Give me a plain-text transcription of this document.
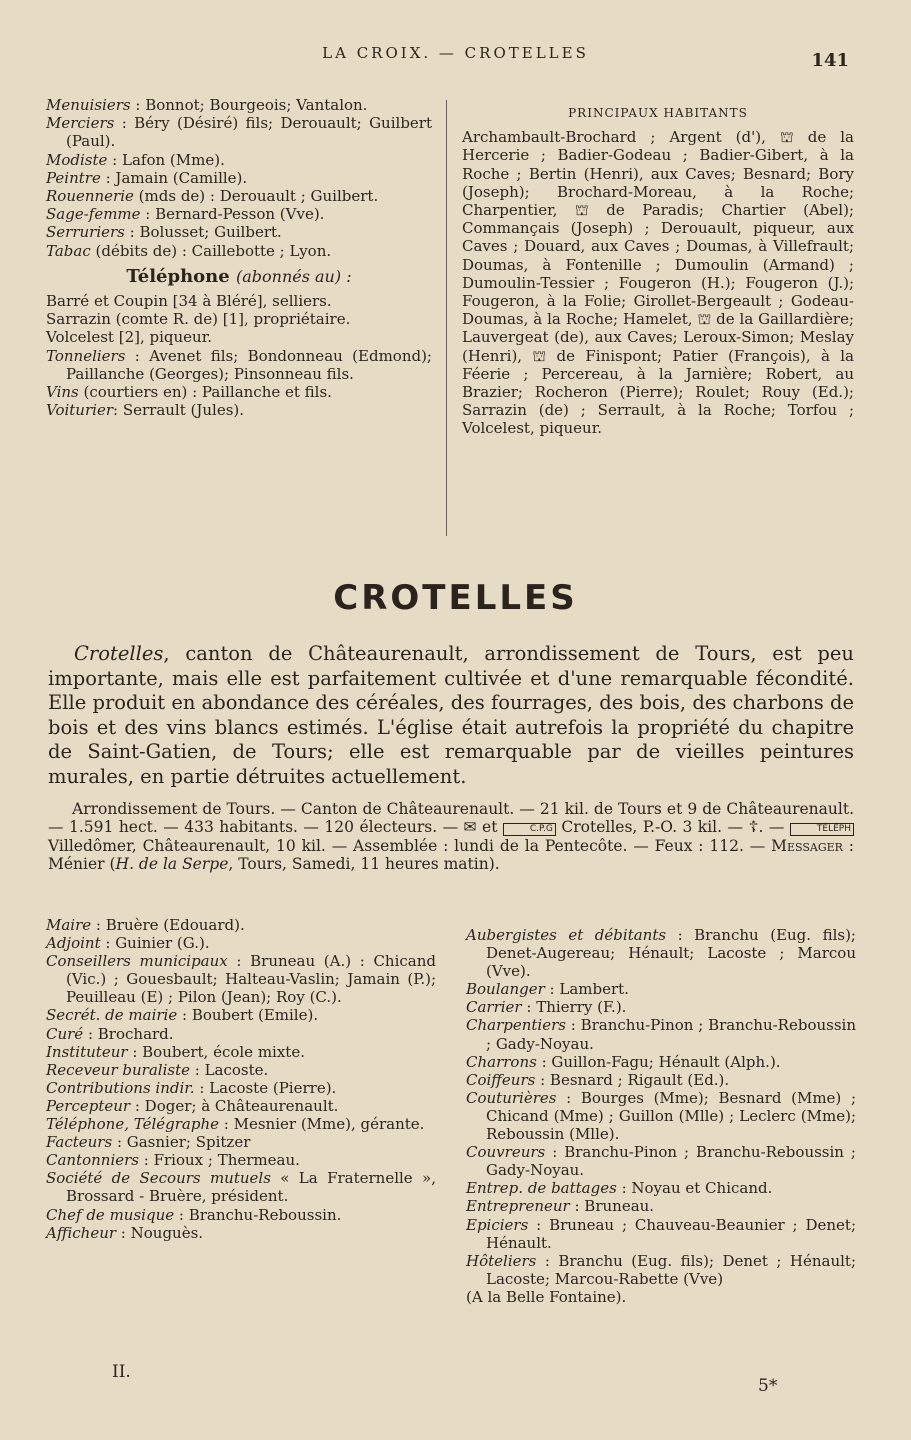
LA CROIX. — CROTELLES	141
Menuisiers : Bonnot; Bourgeois; Vantalon.
Merciers : Béry (Désiré) fils; Derouault; Guilbert (Paul).
Modiste : Lafon (Mme).
Peintre : Jamain (Camille).
Rouennerie (mds de) : Derouault ; Guilbert.
Sage-femme : Bernard-Pesson (Vve).
Serruriers : Bolusset; Guilbert.
Tabac (débits de) : Caillebotte ; Lyon.
Téléphone (abonnés au) :
Barré et Coupin [34 à Bléré], selliers.
Sarrazin (comte R. de) [1], propriétaire.
Volcelest [2], piqueur.
Tonneliers : Avenet fils; Bondonneau (Edmond); Paillanche (Georges); Pinsonneau fils.
Vins (courtiers en) : Paillanche et fils.
Voiturier: Serrault (Jules).
PRINCIPAUX HABITANTS
Archambault-Brochard ; Argent (d'), ⛫ de la Hercerie ; Badier-Godeau ; Badier-Gibert, à la Roche ; Bertin (Henri), aux Caves; Besnard; Bory (Joseph); Brochard-Moreau, à la Roche; Charpentier, ⛫ de Paradis; Chartier (Abel); Commançais (Joseph) ; Derouault, piqueur, aux Caves ; Douard, aux Caves ; Doumas, à Villefrault; Doumas, à Fontenille ; Dumoulin (Armand) ; Dumoulin-Tessier ; Fougeron (H.); Fougeron (J.); Fougeron, à la Folie; Girollet-Bergeault ; Godeau-Doumas, à la Roche; Hamelet, ⛫ de la Gaillardière; Lauvergeat (de), aux Caves; Leroux-Simon; Meslay (Henri), ⛫ de Finispont; Patier (François), à la Féerie ; Percereau, à la Jarnière; Robert, au Brazier; Rocheron (Pierre); Roulet; Rouy (Ed.); Sarrazin (de) ; Serrault, à la Roche; Torfou ; Volcelest, piqueur.
CROTELLES
Crotelles, canton de Châteaurenault, arrondissement de Tours, est peu importante, mais elle est parfaitement cultivée et d'une remarquable fécondité. Elle produit en abondance des céréales, des fourrages, des bois, des charbons de bois et des vins blancs estimés. L'église était autrefois la propriété du chapitre de Saint-Gatien, de Tours; elle est remarquable par de vieilles peintures murales, en partie détruites actuellement.
Arrondissement de Tours. — Canton de Châteaurenault. — 21 kil. de Tours et 9 de Châteaurenault. — 1.591 hect. — 433 habitants. — 120 électeurs. — ✉ et	C.P.G Crotelles, P.-O. 3 kil. — ☦. —	TÉLÉPH Villedômer, Châteaurenault, 10 kil. — Assemblée : lundi de la Pentecôte. — Feux : 112. — Messager : Ménier (H. de la Serpe, Tours, Samedi, 11 heures matin).
Maire : Bruère (Edouard).
Adjoint : Guinier (G.).
Conseillers municipaux : Bruneau (A.) : Chicand (Vic.) ; Gouesbault; Halteau-Vaslin; Jamain (P.); Peuilleau (E) ; Pilon (Jean); Roy (C.).
Secrét. de mairie : Boubert (Emile).
Curé : Brochard.
Instituteur : Boubert, école mixte.
Receveur buraliste : Lacoste.
Contributions indir. : Lacoste (Pierre).
Percepteur : Doger; à Châteaurenault.
Téléphone, Télégraphe : Mesnier (Mme), gérante.
Facteurs : Gasnier; Spitzer
Cantonniers : Frioux ; Thermeau.
Société de Secours mutuels « La Fraternelle », Brossard - Bruère, président.
Chef de musique : Branchu-Reboussin.
Afficheur : Nouguès.
Aubergistes et débitants : Branchu (Eug. fils); Denet-Augereau; Hénault; Lacoste ; Marcou (Vve).
Boulanger : Lambert.
Carrier : Thierry (F.).
Charpentiers : Branchu-Pinon ; Branchu-Reboussin ; Gady-Noyau.
Charrons : Guillon-Fagu; Hénault (Alph.).
Coiffeurs : Besnard ; Rigault (Ed.).
Couturières : Bourges (Mme); Besnard (Mme) ; Chicand (Mme) ; Guillon (Mlle) ; Leclerc (Mme); Reboussin (Mlle).
Couvreurs : Branchu-Pinon ; Branchu-Reboussin ; Gady-Noyau.
Entrep. de battages : Noyau et Chicand.
Entrepreneur : Bruneau.
Epiciers : Bruneau ; Chauveau-Beaunier ; Denet; Hénault.
Hôteliers : Branchu (Eug. fils); Denet ; Hénault; Lacoste; Marcou-Rabette (Vve)
(A la Belle Fontaine).
II.
5*
